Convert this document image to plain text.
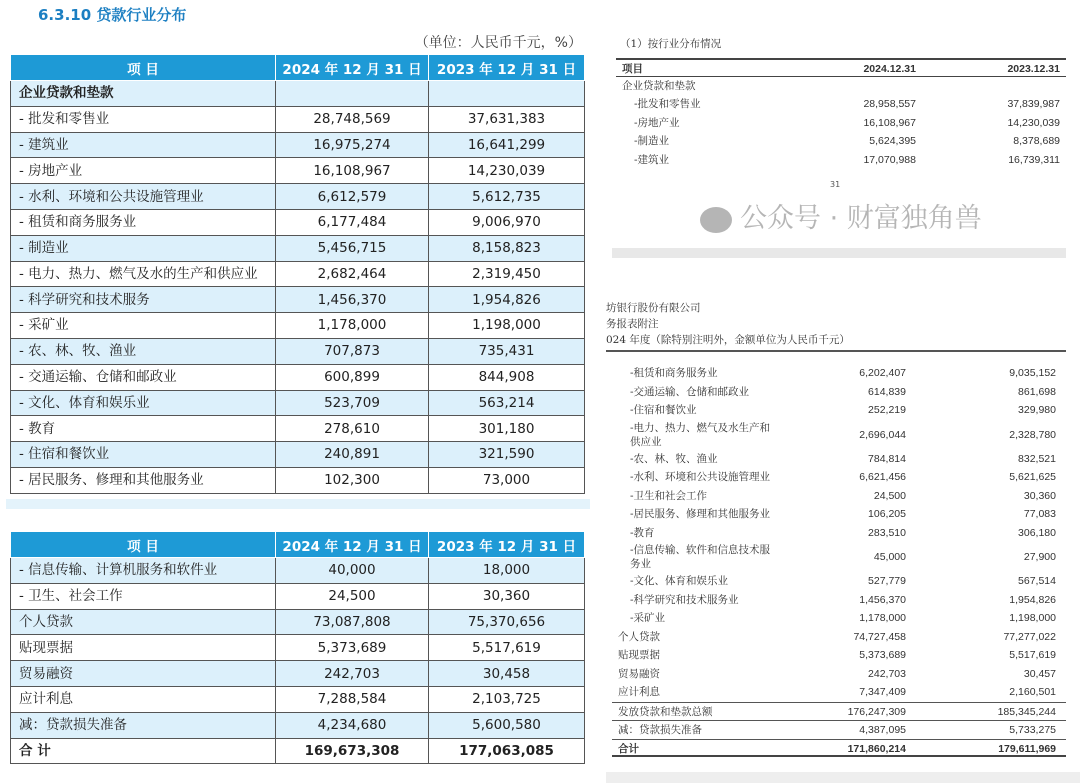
6.3.10 贷款行业分布
（单位：人民币千元，%）
项 目	2024 年 12 月 31 日	2023 年 12 月 31 日
企业贷款和垫款		
- 批发和零售业	28,748,569	37,631,383
- 建筑业	16,975,274	16,641,299
- 房地产业	16,108,967	14,230,039
- 水利、环境和公共设施管理业	6,612,579	5,612,735
- 租赁和商务服务业	6,177,484	9,006,970
- 制造业	5,456,715	8,158,823
- 电力、热力、燃气及水的生产和供应业	2,682,464	2,319,450
- 科学研究和技术服务	1,456,370	1,954,826
- 采矿业	1,178,000	1,198,000
- 农、林、牧、渔业	707,873	735,431
- 交通运输、仓储和邮政业	600,899	844,908
- 文化、体育和娱乐业	523,709	563,214
- 教育	278,610	301,180
- 住宿和餐饮业	240,891	321,590
- 居民服务、修理和其他服务业	102,300	73,000
项 目	2024 年 12 月 31 日	2023 年 12 月 31 日
- 信息传输、计算机服务和软件业	40,000	18,000
- 卫生、社会工作	24,500	30,360
个人贷款	73,087,808	75,370,656
贴现票据	5,373,689	5,517,619
贸易融资	242,703	30,458
应计利息	7,288,584	2,103,725
减：贷款损失准备	4,234,680	5,600,580
合 计	169,673,308	177,063,085
（1）按行业分布情况
项目	2024.12.31	2023.12.31
企业贷款和垫款
-批发和零售业	28,958,557	37,839,987
-房地产业	16,108,967	14,230,039
-制造业	5,624,395	8,378,689
-建筑业	17,070,988	16,739,311
31
公众号 · 财富独角兽
坊银行股份有限公司
务报表附注
024 年度（除特别注明外，金额单位为人民币千元）
-租赁和商务服务业	6,202,407	9,035,152
-交通运输、仓储和邮政业	614,839	861,698
-住宿和餐饮业	252,219	329,980
-电力、热力、燃气及水生产和供应业
2,696,044	2,328,780
-农、林、牧、渔业	784,814	832,521
-水利、环境和公共设施管理业	6,621,456	5,621,625
-卫生和社会工作	24,500	30,360
-居民服务、修理和其他服务业	106,205	77,083
-教育	283,510	306,180
-信息传输、软件和信息技术服务业
45,000	27,900
-文化、体育和娱乐业	527,779	567,514
-科学研究和技术服务业	1,456,370	1,954,826
-采矿业	1,178,000	1,198,000
个人贷款	74,727,458	77,277,022
贴现票据	5,373,689	5,517,619
贸易融资	242,703	30,457
应计利息	7,347,409	2,160,501
发放贷款和垫款总额	176,247,309	185,345,244
减：贷款损失准备	4,387,095	5,733,275
合计	171,860,214	179,611,969
